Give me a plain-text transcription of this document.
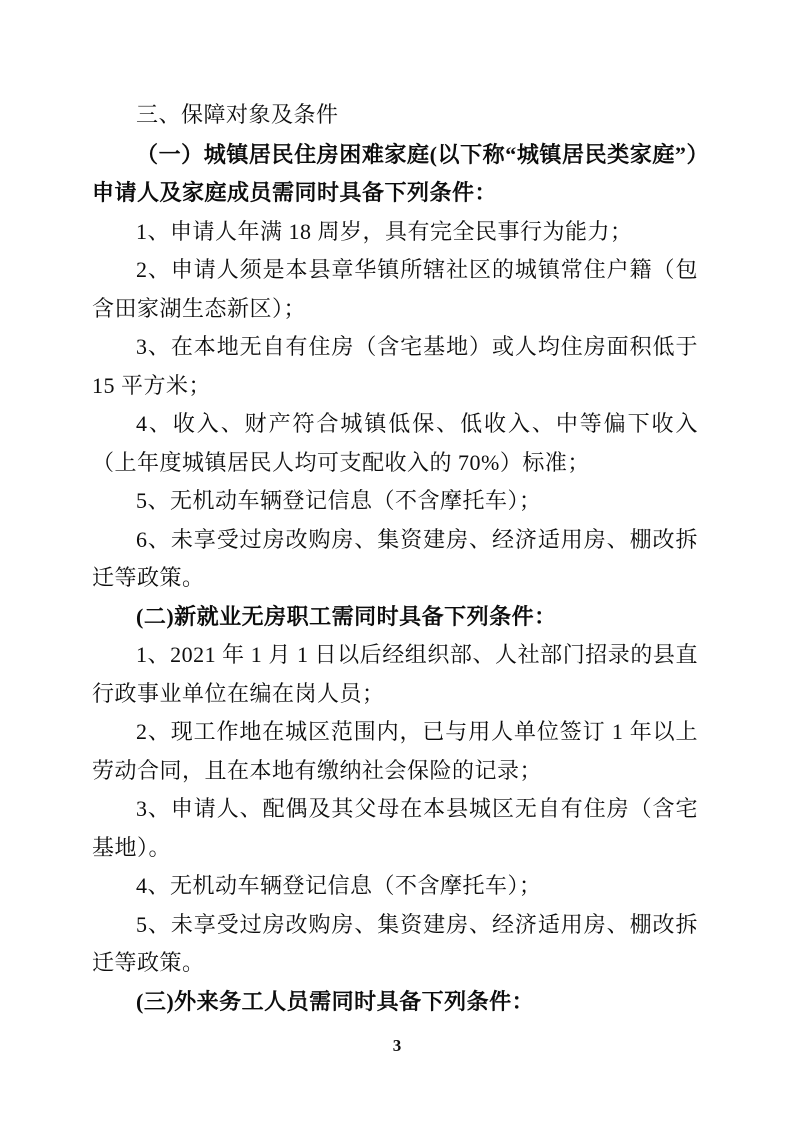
三、保障对象及条件

（一）城镇居民住房困难家庭(以下称“城镇居民类家庭”）申请人及家庭成员需同时具备下列条件：

1、申请人年满 18 周岁，具有完全民事行为能力；

2、申请人须是本县章华镇所辖社区的城镇常住户籍（包含田家湖生态新区）；

3、在本地无自有住房（含宅基地）或人均住房面积低于 15 平方米；

4、收入、财产符合城镇低保、低收入、中等偏下收入（上年度城镇居民人均可支配收入的 70%）标准；

5、无机动车辆登记信息（不含摩托车）；

6、未享受过房改购房、集资建房、经济适用房、棚改拆迁等政策。

(二)新就业无房职工需同时具备下列条件：

1、2021 年 1 月 1 日以后经组织部、人社部门招录的县直行政事业单位在编在岗人员；

2、现工作地在城区范围内，已与用人单位签订 1 年以上劳动合同，且在本地有缴纳社会保险的记录；

3、申请人、配偶及其父母在本县城区无自有住房（含宅基地）。

4、无机动车辆登记信息（不含摩托车）；

5、未享受过房改购房、集资建房、经济适用房、棚改拆迁等政策。

(三)外来务工人员需同时具备下列条件：

3
